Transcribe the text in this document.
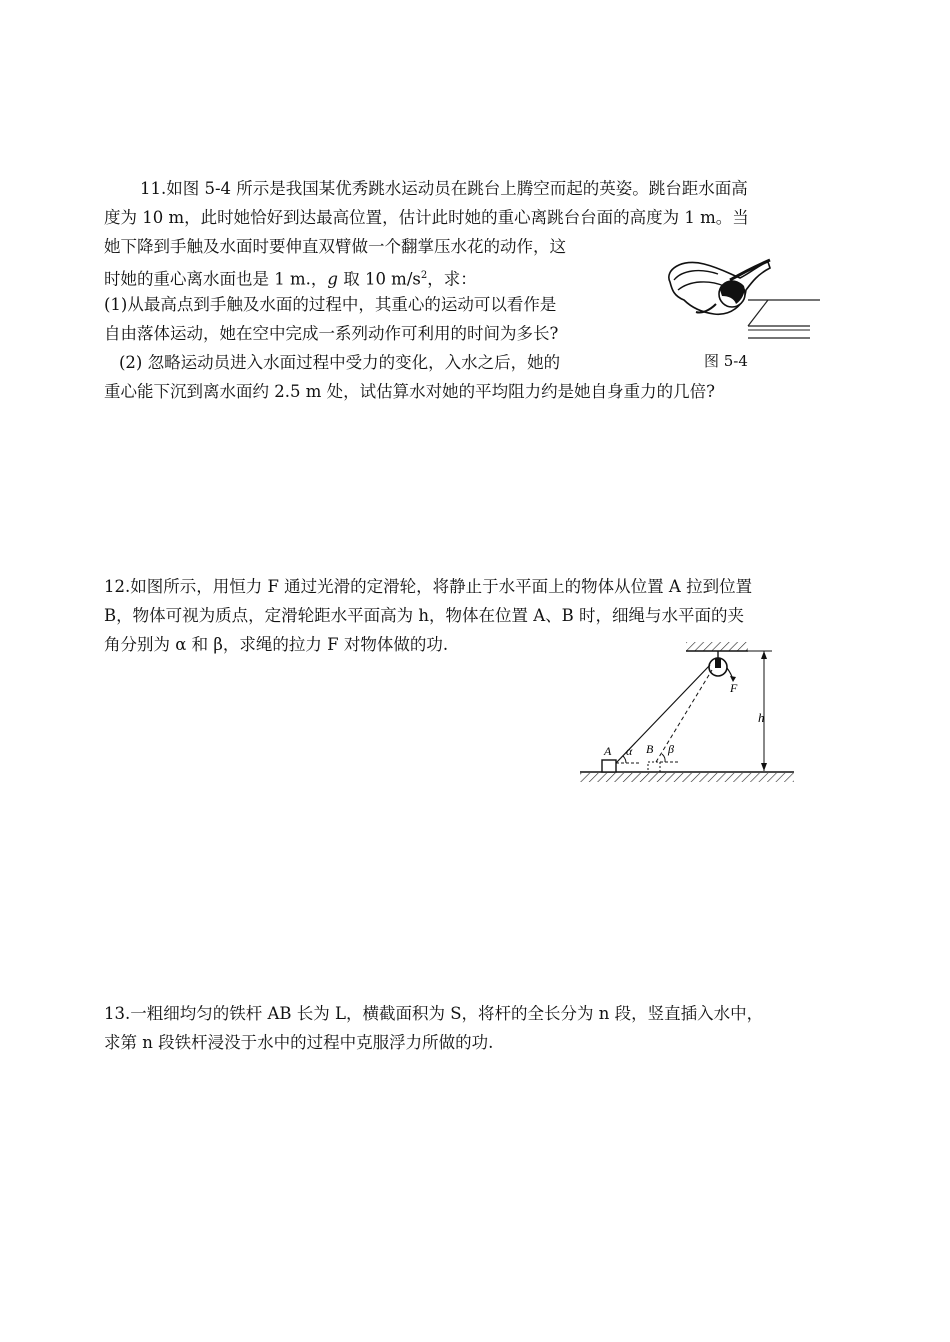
11.如图 5-4 所示是我国某优秀跳水运动员在跳台上腾空而起的英姿。跳台距水面高
度为 10 m，此时她恰好到达最高位置，估计此时她的重心离跳台台面的高度为 1 m。当
她下降到手触及水面时要伸直双臂做一个翻掌压水花的动作，这
时她的重心离水面也是 1 m.，g 取 10 $m/s^2$，求：
(1)从最高点到手触及水面的过程中，其重心的运动可以看作是
自由落体运动，她在空中完成一系列动作可利用的时间为多长?
(2) 忽略运动员进入水面过程中受力的变化，入水之后，她的
重心能下沉到离水面约 2.5 m 处，试估算水对她的平均阻力约是她自身重力的几倍?
图 5-4
12.如图所示，用恒力 F 通过光滑的定滑轮，将静止于水平面上的物体从位置 A 拉到位置
B，物体可视为质点，定滑轮距水平面高为 h，物体在位置 A、B 时，细绳与水平面的夹
角分别为 α 和 β，求绳的拉力 F 对物体做的功.
F
h
A α B β
13.一粗细均匀的铁杆 AB 长为 L，横截面积为 S，将杆的全长分为 n 段，竖直插入水中，
求第 n 段铁杆浸没于水中的过程中克服浮力所做的功.
